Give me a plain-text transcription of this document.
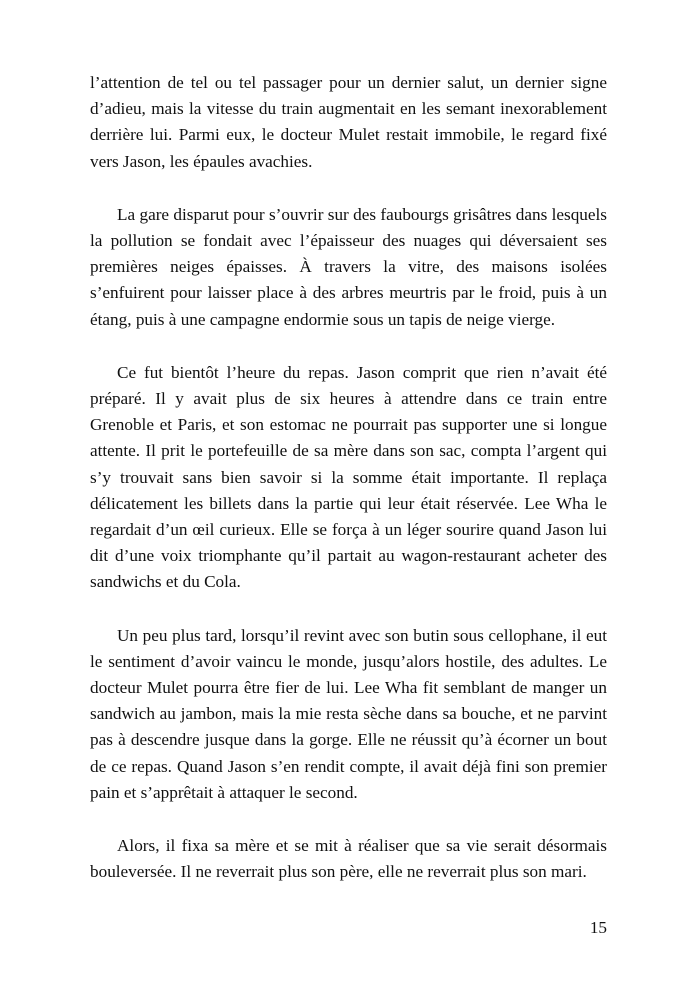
l’attention de tel ou tel passager pour un dernier salut, un dernier signe d’adieu, mais la vitesse du train augmentait en les semant inexorablement derrière lui. Parmi eux, le docteur Mulet restait immobile, le regard fixé vers Jason, les épaules avachies.

La gare disparut pour s’ouvrir sur des faubourgs grisâtres dans lesquels la pollution se fondait avec l’épaisseur des nuages qui déversaient ses premières neiges épaisses. À travers la vitre, des maisons isolées s’enfuirent pour laisser place à des arbres meurtris par le froid, puis à un étang, puis à une campagne endormie sous un tapis de neige vierge.

Ce fut bientôt l’heure du repas. Jason comprit que rien n’avait été préparé. Il y avait plus de six heures à attendre dans ce train entre Grenoble et Paris, et son estomac ne pourrait pas supporter une si longue attente. Il prit le portefeuille de sa mère dans son sac, compta l’argent qui s’y trouvait sans bien savoir si la somme était importante. Il replaça délicatement les billets dans la partie qui leur était réservée. Lee Wha le regardait d’un œil curieux. Elle se força à un léger sourire quand Jason lui dit d’une voix triomphante qu’il partait au wagon-restaurant acheter des sandwichs et du Cola.

Un peu plus tard, lorsqu’il revint avec son butin sous cellophane, il eut le sentiment d’avoir vaincu le monde, jusqu’alors hostile, des adultes. Le docteur Mulet pourra être fier de lui. Lee Wha fit semblant de manger un sandwich au jambon, mais la mie resta sèche dans sa bouche, et ne parvint pas à descendre jusque dans la gorge. Elle ne réussit qu’à écorner un bout de ce repas. Quand Jason s’en rendit compte, il avait déjà fini son premier pain et s’apprêtait à attaquer le second.

Alors, il fixa sa mère et se mit à réaliser que sa vie serait désormais bouleversée. Il ne reverrait plus son père, elle ne reverrait plus son mari.

15
